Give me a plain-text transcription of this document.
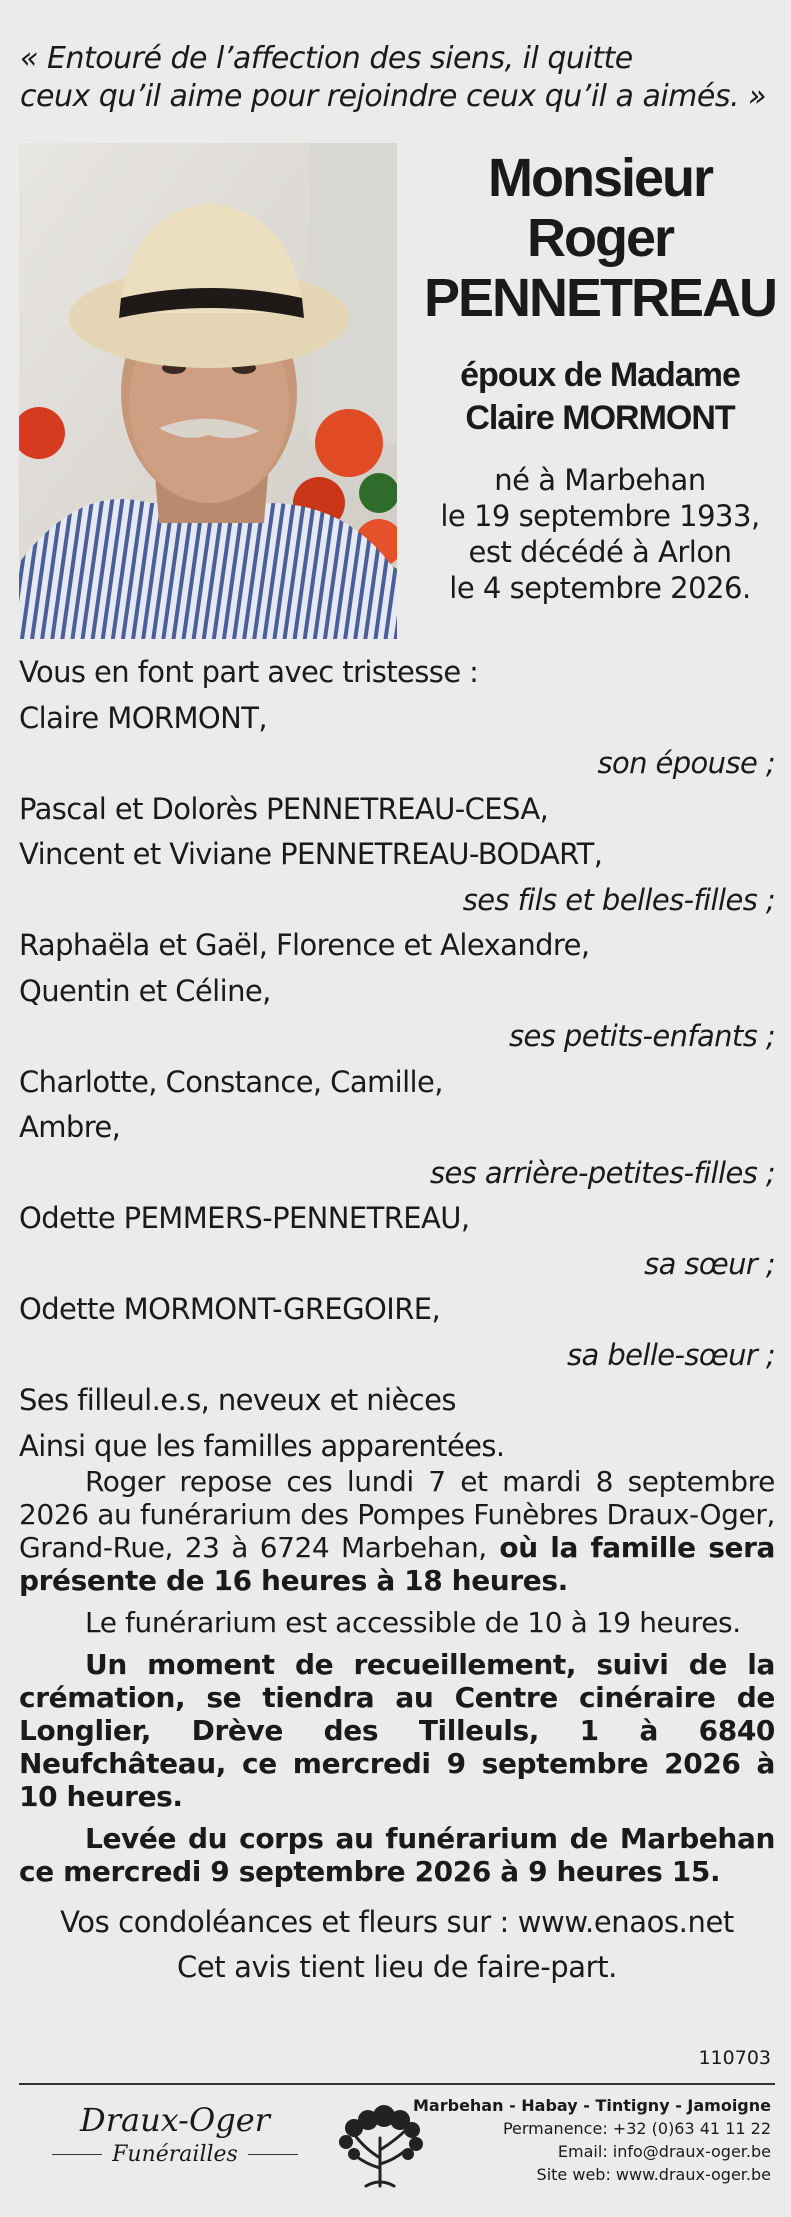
« Entouré de l’affection des siens, il quitte
ceux qu’il aime pour rejoindre ceux qu’il a aimés. »
Monsieur
Roger
PENNETREAU
époux de Madame
Claire MORMONT
né à Marbehan
le 19 septembre 1933,
est décédé à Arlon
le 4 septembre 2026.
Vous en font part avec tristesse :
Claire MORMONT,
son épouse ;
Pascal et Dolorès PENNETREAU-CESA,
Vincent et Viviane PENNETREAU-BODART,
ses fils et belles-filles ;
Raphaëla et Gaël, Florence et Alexandre,
Quentin et Céline,
ses petits-enfants ;
Charlotte, Constance, Camille,
Ambre,
ses arrière-petites-filles ;
Odette PEMMERS-PENNETREAU,
sa sœur ;
Odette MORMONT-GREGOIRE,
sa belle-sœur ;
Ses filleul.e.s, neveux et nièces
Ainsi que les familles apparentées.

Roger repose ces lundi 7 et mardi 8 septembre 2026 au funérarium des Pompes Funèbres Draux-Oger, Grand-Rue, 23 à 6724 Marbehan, où la famille sera présente de 16 heures à 18 heures.

Le funérarium est accessible de 10 à 19 heures.

Un moment de recueillement, suivi de la crémation, se tiendra au Centre cinéraire de Longlier, Drève des Tilleuls, 1 à 6840 Neufchâteau, ce mercredi 9 septembre 2026 à 10 heures.

Levée du corps au funérarium de Marbehan ce mercredi 9 septembre 2026 à 9 heures 15.

Vos condoléances et fleurs sur : www.enaos.net

Cet avis tient lieu de faire-part.

110703
Draux-Oger
Funérailles
Marbehan - Habay - Tintigny - Jamoigne
Permanence: +32 (0)63 41 11 22
Email: info@draux-oger.be
Site web: www.draux-oger.be
